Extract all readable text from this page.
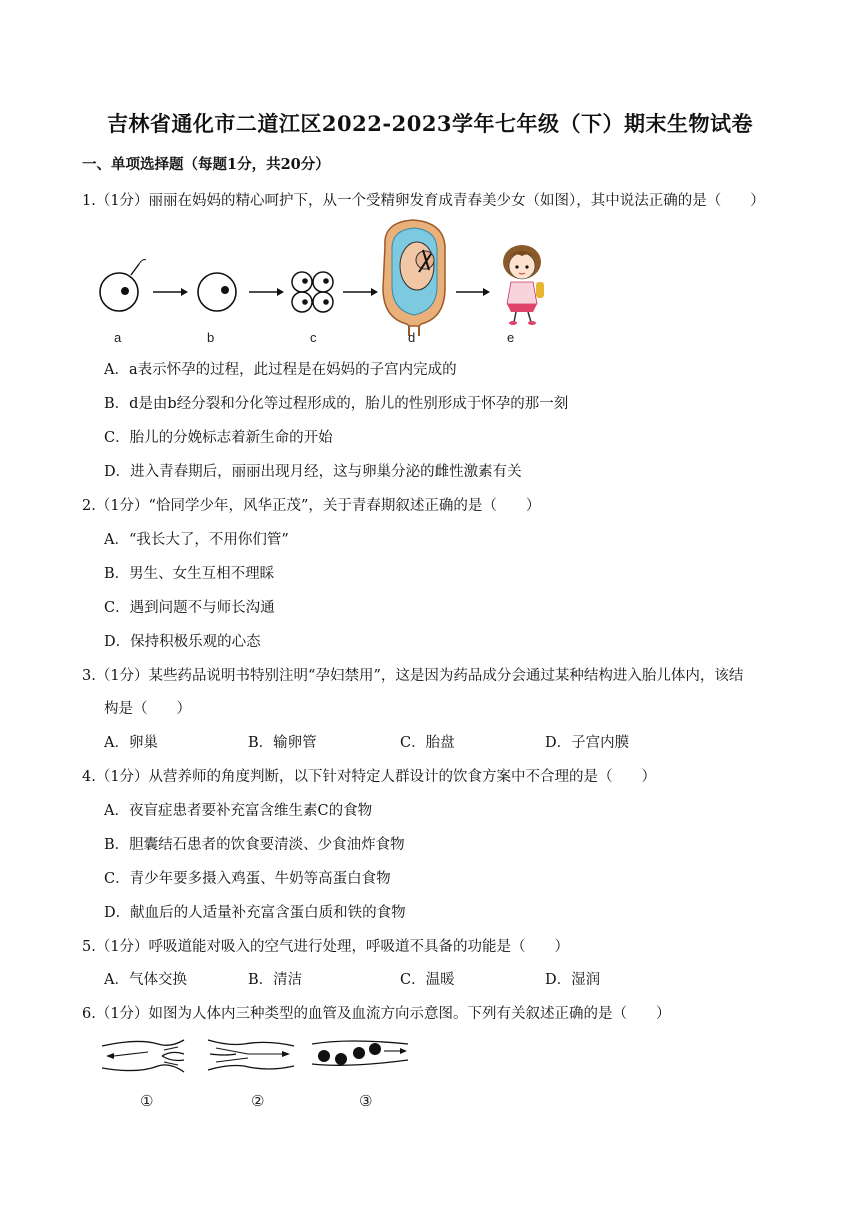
吉林省通化市二道江区2022-2023学年七年级（下）期末生物试卷
一、单项选择题（每题1分，共20分）
1.（1分）丽丽在妈妈的精心呵护下，从一个受精卵发育成青春美少女（如图），其中说法正确的是（　　）
a	b	c	d	e
A．a表示怀孕的过程，此过程是在妈妈的子宫内完成的
B．d是由b经分裂和分化等过程形成的，胎儿的性别形成于怀孕的那一刻
C．胎儿的分娩标志着新生命的开始
D．进入青春期后，丽丽出现月经，这与卵巢分泌的雌性激素有关
2.（1分）“恰同学少年，风华正茂”，关于青春期叙述正确的是（　　）
A．“我长大了，不用你们管”
B．男生、女生互相不理睬
C．遇到问题不与师长沟通
D．保持积极乐观的心态
3.（1分）某些药品说明书特别注明“孕妇禁用”，这是因为药品成分会通过某种结构进入胎儿体内，该结
构是（　　）
A．卵巢	B．输卵管	C．胎盘	D．子宫内膜
4.（1分）从营养师的角度判断，以下针对特定人群设计的饮食方案中不合理的是（　　）
A．夜盲症患者要补充富含维生素C的食物
B．胆囊结石患者的饮食要清淡、少食油炸食物
C．青少年要多摄入鸡蛋、牛奶等高蛋白食物
D．献血后的人适量补充富含蛋白质和铁的食物
5.（1分）呼吸道能对吸入的空气进行处理，呼吸道不具备的功能是（　　）
A．气体交换	B．清洁	C．温暖	D．湿润
6.（1分）如图为人体内三种类型的血管及血流方向示意图。下列有关叙述正确的是（　　）
①	②	③
